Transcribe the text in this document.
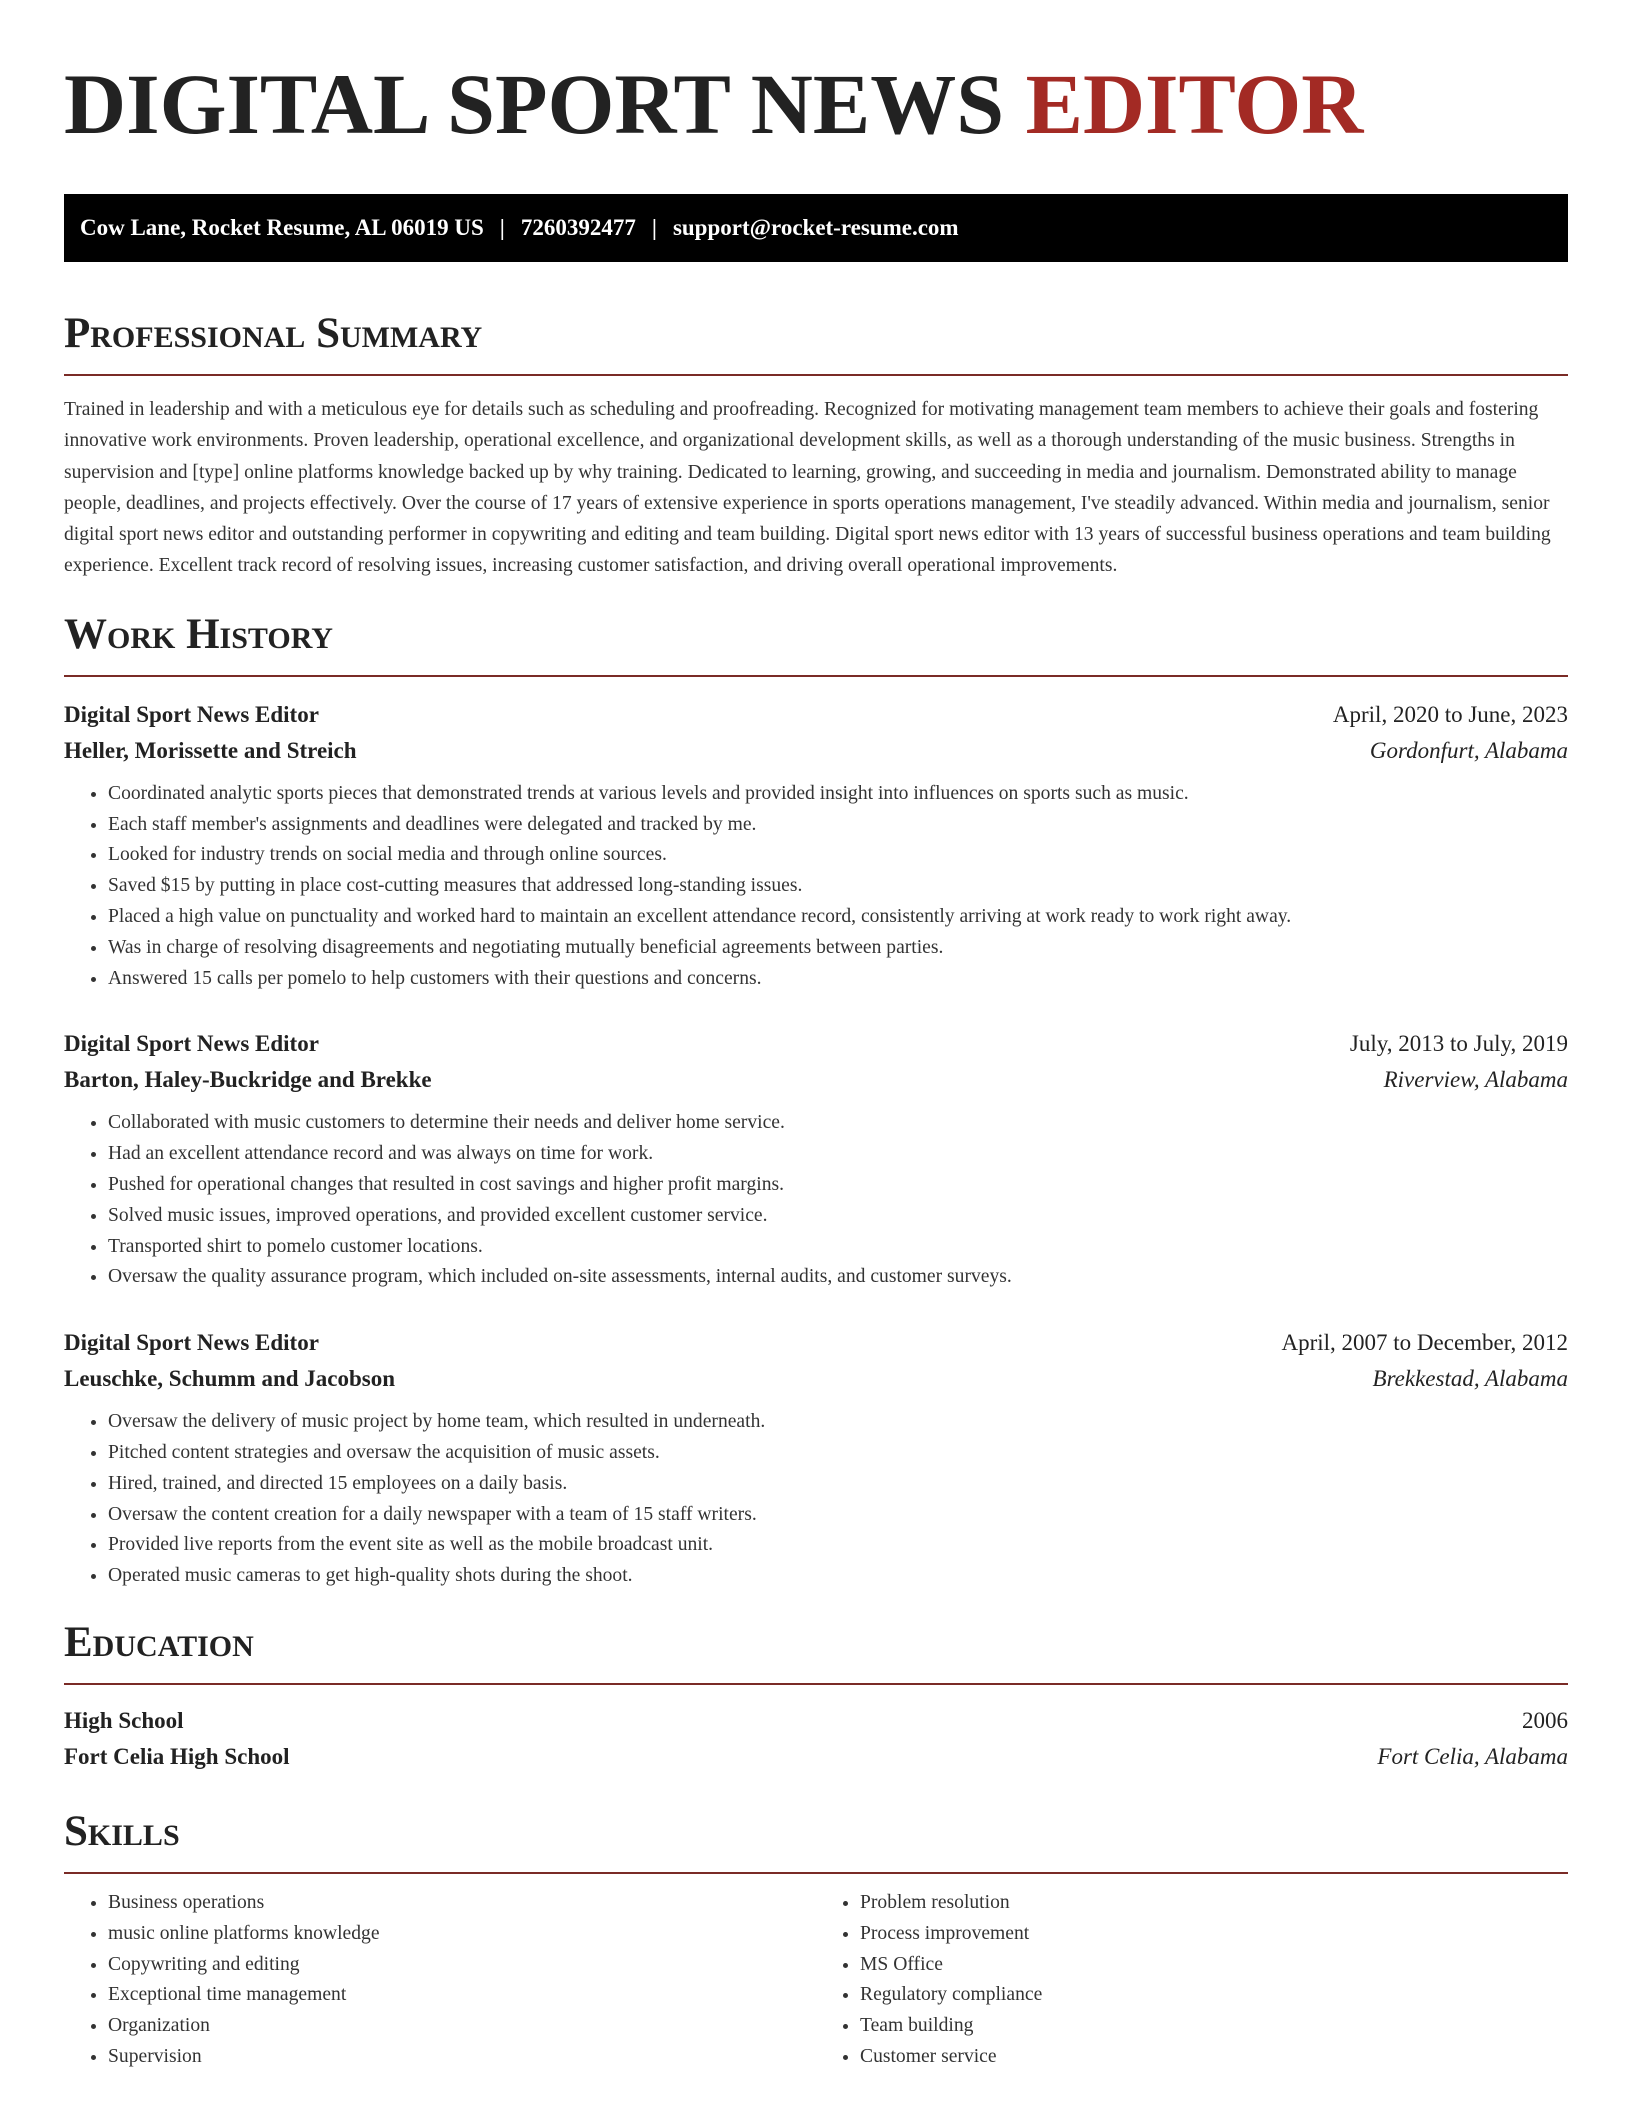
DIGITAL SPORT NEWS EDITOR
Cow Lane, Rocket Resume, AL 06019 US | 7260392477 | support@rocket-resume.com
Professional Summary

Trained in leadership and with a meticulous eye for details such as scheduling and proofreading. Recognized for motivating management team members to achieve their goals and fostering innovative work environments. Proven leadership, operational excellence, and organizational development skills, as well as a thorough understanding of the music business. Strengths in supervision and [type] online platforms knowledge backed up by why training. Dedicated to learning, growing, and succeeding in media and journalism. Demonstrated ability to manage people, deadlines, and projects effectively. Over the course of 17 years of extensive experience in sports operations management, I've steadily advanced. Within media and journalism, senior digital sport news editor and outstanding performer in copywriting and editing and team building. Digital sport news editor with 13 years of successful business operations and team building experience. Excellent track record of resolving issues, increasing customer satisfaction, and driving overall operational improvements.

Work History
Digital Sport News Editor	April, 2020 to June, 2023
Heller, Morissette and Streich	Gordonfurt, Alabama
• Coordinated analytic sports pieces that demonstrated trends at various levels and provided insight into influences on sports such as music.
• Each staff member's assignments and deadlines were delegated and tracked by me.
• Looked for industry trends on social media and through online sources.
• Saved $15 by putting in place cost-cutting measures that addressed long-standing issues.
• Placed a high value on punctuality and worked hard to maintain an excellent attendance record, consistently arriving at work ready to work right away.
• Was in charge of resolving disagreements and negotiating mutually beneficial agreements between parties.
• Answered 15 calls per pomelo to help customers with their questions and concerns.
Digital Sport News Editor	July, 2013 to July, 2019
Barton, Haley-Buckridge and Brekke	Riverview, Alabama
• Collaborated with music customers to determine their needs and deliver home service.
• Had an excellent attendance record and was always on time for work.
• Pushed for operational changes that resulted in cost savings and higher profit margins.
• Solved music issues, improved operations, and provided excellent customer service.
• Transported shirt to pomelo customer locations.
• Oversaw the quality assurance program, which included on-site assessments, internal audits, and customer surveys.
Digital Sport News Editor	April, 2007 to December, 2012
Leuschke, Schumm and Jacobson	Brekkestad, Alabama
• Oversaw the delivery of music project by home team, which resulted in underneath.
• Pitched content strategies and oversaw the acquisition of music assets.
• Hired, trained, and directed 15 employees on a daily basis.
• Oversaw the content creation for a daily newspaper with a team of 15 staff writers.
• Provided live reports from the event site as well as the mobile broadcast unit.
• Operated music cameras to get high-quality shots during the shoot.
Education
High School	2006
Fort Celia High School	Fort Celia, Alabama
Skills
• Business operations
• music online platforms knowledge
• Copywriting and editing
• Exceptional time management
• Organization
• Supervision
• Problem resolution
• Process improvement
• MS Office
• Regulatory compliance
• Team building
• Customer service
